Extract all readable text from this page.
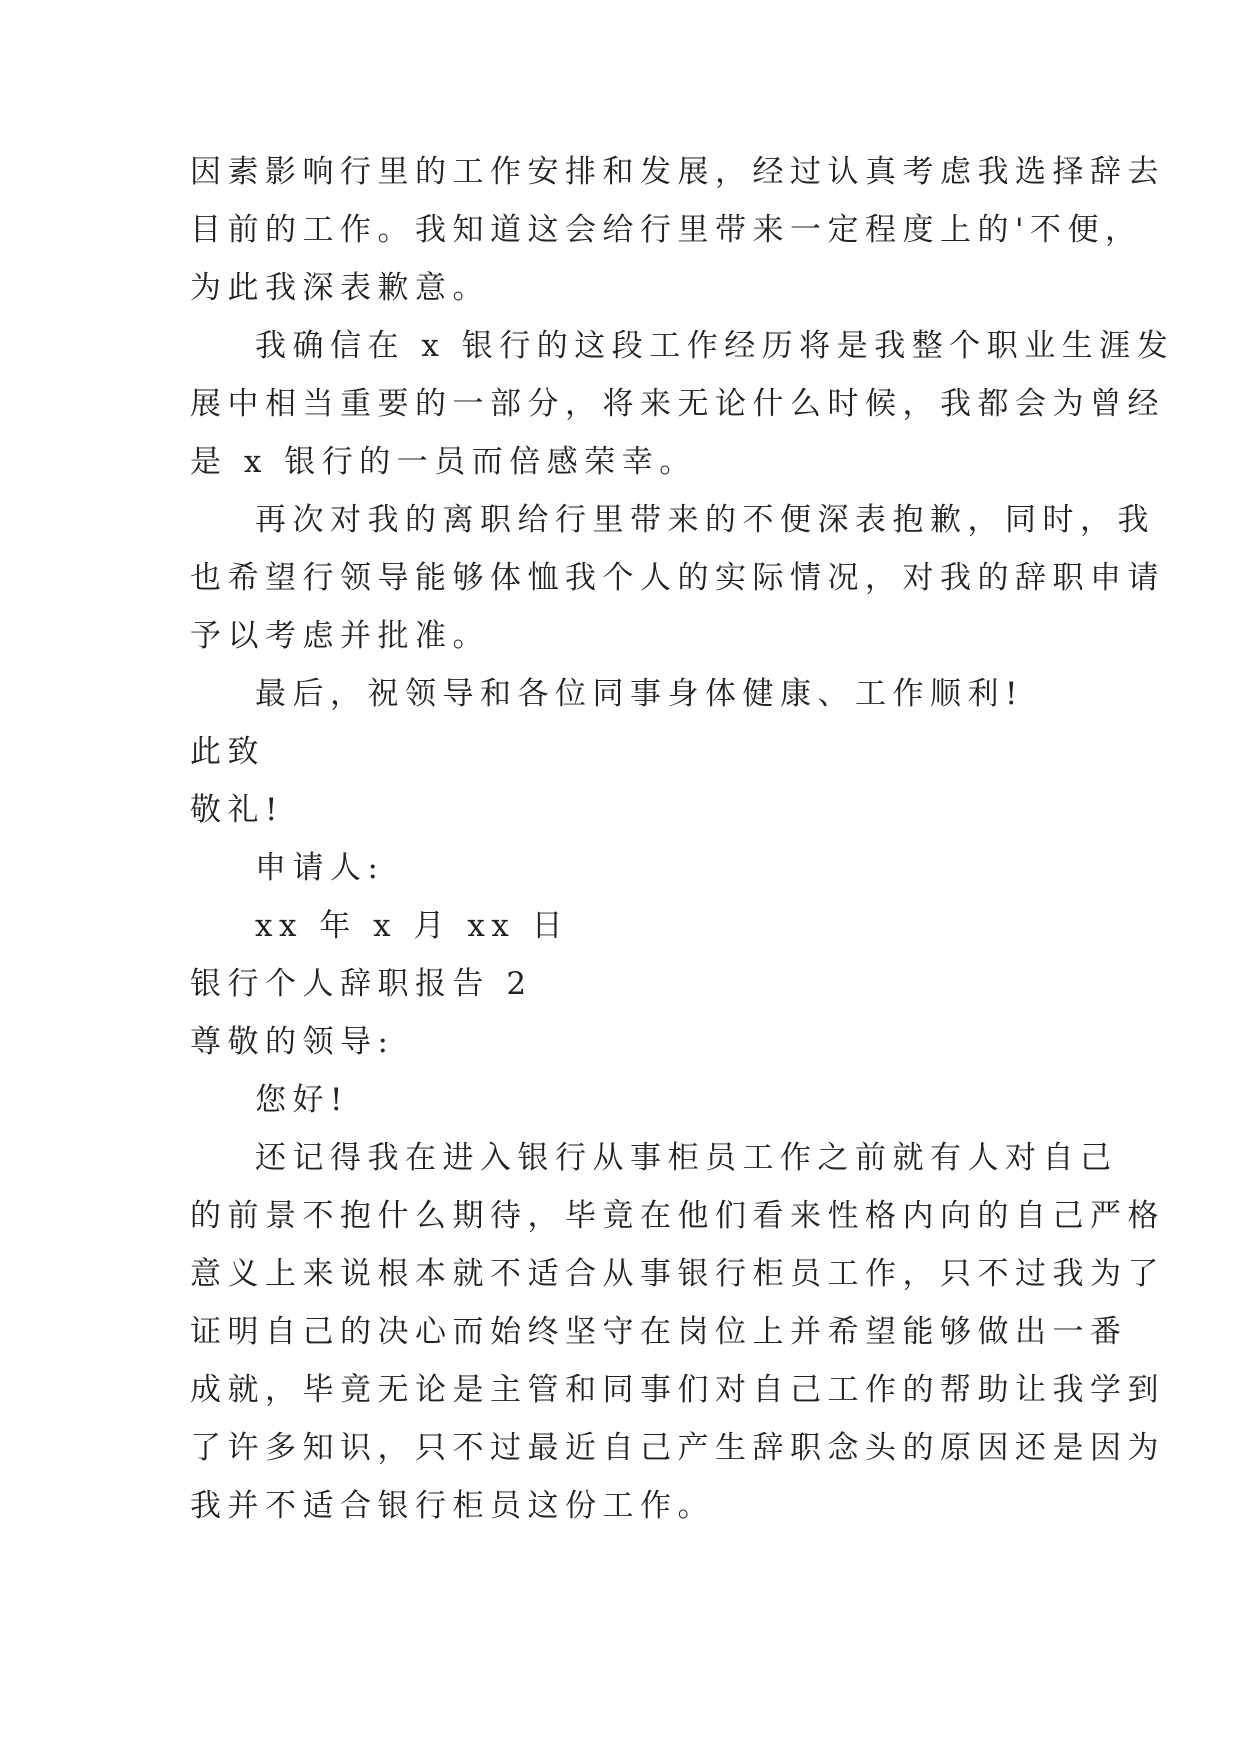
因素影响行里的工作安排和发展，经过认真考虑我选择辞去
目前的工作。我知道这会给行里带来一定程度上的'不便，
为此我深表歉意。
我确信在 x 银行的这段工作经历将是我整个职业生涯发
展中相当重要的一部分，将来无论什么时候，我都会为曾经
是 x 银行的一员而倍感荣幸。
再次对我的离职给行里带来的不便深表抱歉，同时，我
也希望行领导能够体恤我个人的实际情况，对我的辞职申请
予以考虑并批准。
最后，祝领导和各位同事身体健康、工作顺利!
此致
敬礼!
申请人:
xx 年 x 月 xx 日
银行个人辞职报告 2
尊敬的领导:
您好!
还记得我在进入银行从事柜员工作之前就有人对自己
的前景不抱什么期待，毕竟在他们看来性格内向的自己严格
意义上来说根本就不适合从事银行柜员工作，只不过我为了
证明自己的决心而始终坚守在岗位上并希望能够做出一番
成就，毕竟无论是主管和同事们对自己工作的帮助让我学到
了许多知识，只不过最近自己产生辞职念头的原因还是因为
我并不适合银行柜员这份工作。
